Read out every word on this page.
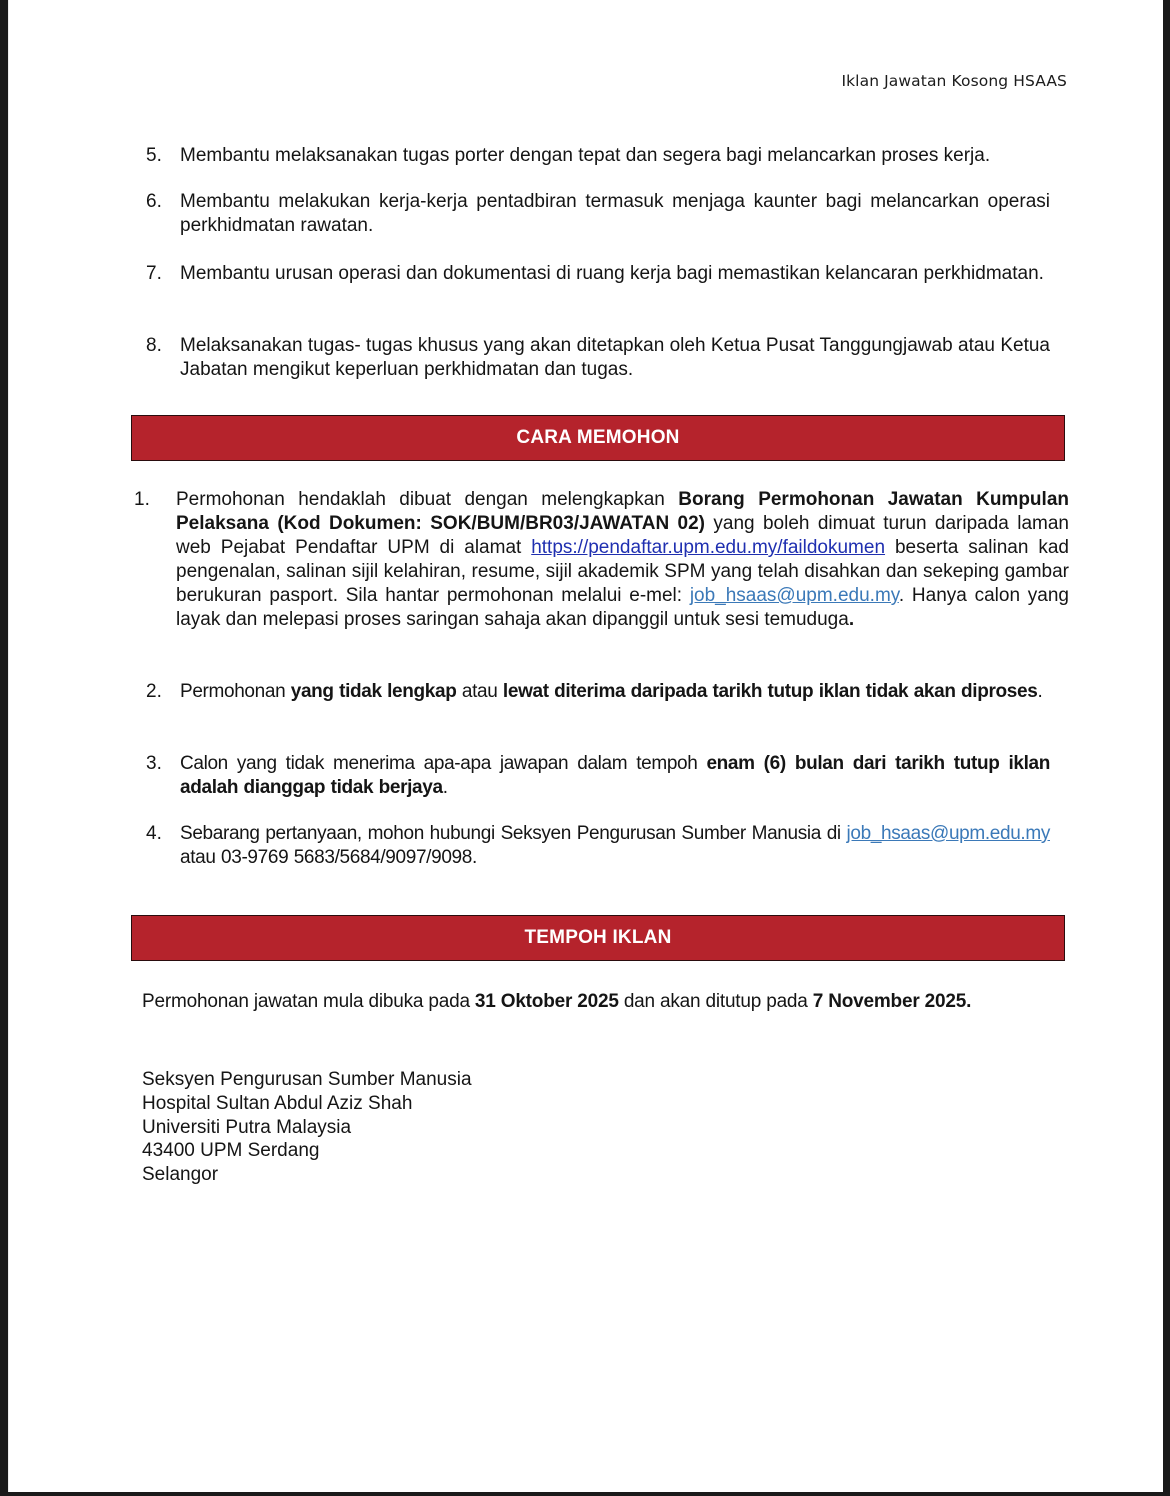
Iklan Jawatan Kosong HSAAS
5. Membantu melaksanakan tugas porter dengan tepat dan segera bagi melancarkan proses kerja.
6. Membantu melakukan kerja-kerja pentadbiran termasuk menjaga kaunter bagi melancarkan operasi perkhidmatan rawatan.
7. Membantu urusan operasi dan dokumentasi di ruang kerja bagi memastikan kelancaran perkhidmatan.
8. Melaksanakan tugas- tugas khusus yang akan ditetapkan oleh Ketua Pusat Tanggungjawab atau Ketua Jabatan mengikut keperluan perkhidmatan dan tugas.
CARA MEMOHON
1.	Permohonan hendaklah dibuat dengan melengkapkan Borang Permohonan Jawatan Kumpulan Pelaksana (Kod Dokumen: SOK/BUM/BR03/JAWATAN 02) yang boleh dimuat turun daripada laman web Pejabat Pendaftar UPM di alamat https://pendaftar.upm.edu.my/faildokumen beserta salinan kad pengenalan, salinan sijil kelahiran, resume, sijil akademik SPM yang telah disahkan dan sekeping gambar berukuran pasport. Sila hantar permohonan melalui e-mel: job_hsaas@upm.edu.my. Hanya calon yang layak dan melepasi proses saringan sahaja akan dipanggil untuk sesi temuduga.
2. Permohonan yang tidak lengkap atau lewat diterima daripada tarikh tutup iklan tidak akan diproses.
3. Calon yang tidak menerima apa-apa jawapan dalam tempoh enam (6) bulan dari tarikh tutup iklan adalah dianggap tidak berjaya.
4. Sebarang pertanyaan, mohon hubungi Seksyen Pengurusan Sumber Manusia di job_hsaas@upm.edu.my atau 03-9769 5683/5684/9097/9098.
TEMPOH IKLAN
Permohonan jawatan mula dibuka pada 31 Oktober 2025 dan akan ditutup pada 7 November 2025.
Seksyen Pengurusan Sumber Manusia
Hospital Sultan Abdul Aziz Shah
Universiti Putra Malaysia
43400 UPM Serdang
Selangor
